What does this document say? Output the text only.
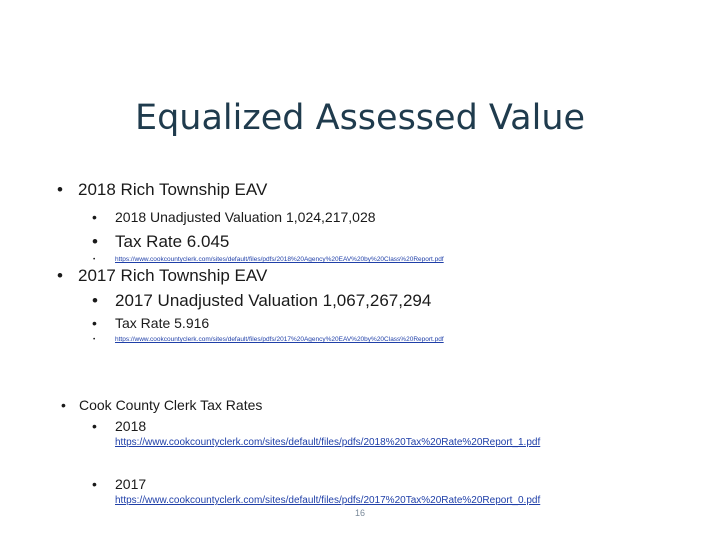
Equalized Assessed Value
• 2018 Rich Township EAV
• 2018 Unadjusted Valuation 1,024,217,028
• Tax Rate 6.045
•	https://www.cookcountyclerk.com/sites/default/files/pdfs/2018%20Agency%20EAV%20by%20Class%20Report.pdf
• 2017 Rich Township EAV
• 2017 Unadjusted Valuation 1,067,267,294
• Tax Rate 5.916
•	https://www.cookcountyclerk.com/sites/default/files/pdfs/2017%20Agency%20EAV%20by%20Class%20Report.pdf
• Cook County Clerk Tax Rates
• 2018
https://www.cookcountyclerk.com/sites/default/files/pdfs/2018%20Tax%20Rate%20Report_1.pdf
• 2017
https://www.cookcountyclerk.com/sites/default/files/pdfs/2017%20Tax%20Rate%20Report_0.pdf
16
